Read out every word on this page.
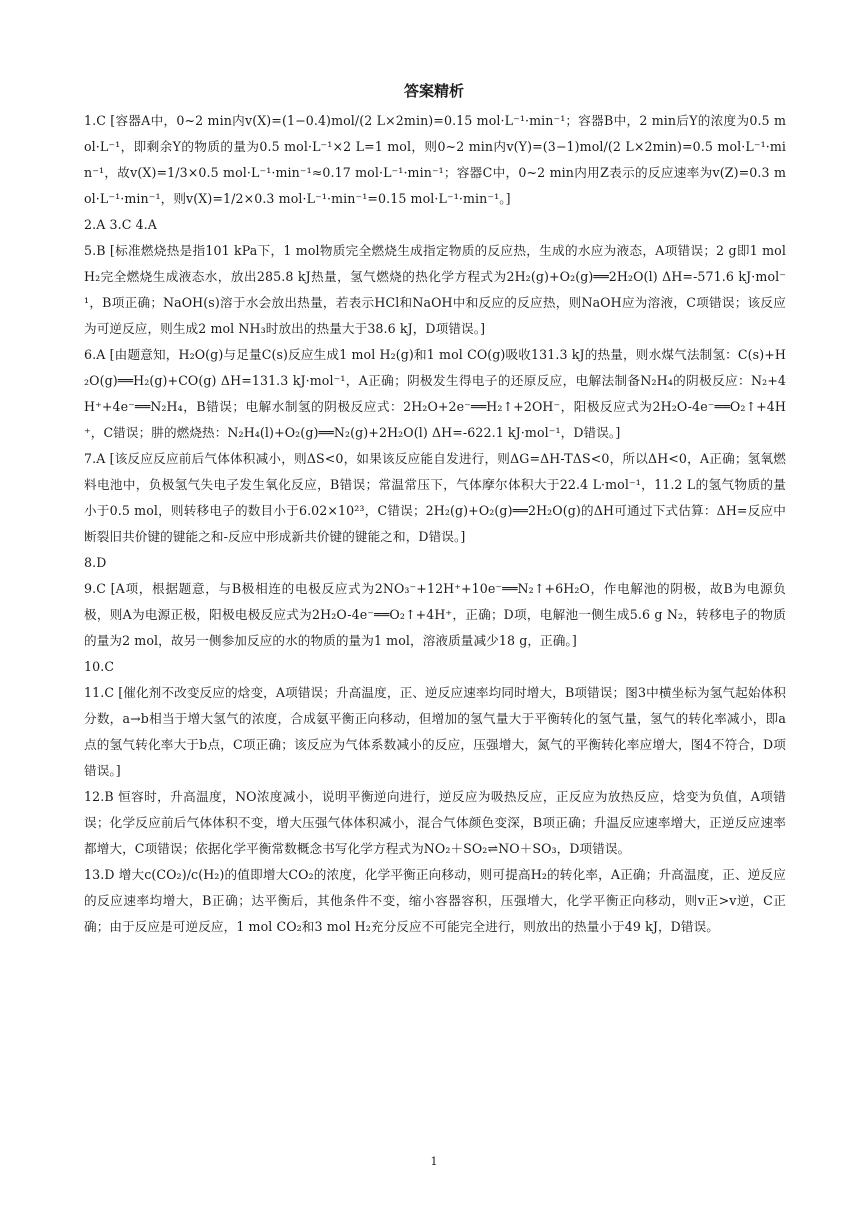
答案精析

1.C [容器A中，0~2 min内v(X)=(1−0.4)mol/(2 L×2min)=0.15 mol·L⁻¹·min⁻¹；容器B中，2 min后Y的浓度为0.5 mol·L⁻¹，即剩余Y的物质的量为0.5 mol·L⁻¹×2 L=1 mol，则0~2 min内v(Y)=(3−1)mol/(2 L×2min)=0.5 mol·L⁻¹·min⁻¹，故v(X)=1/3×0.5 mol·L⁻¹·min⁻¹≈0.17 mol·L⁻¹·min⁻¹；容器C中，0~2 min内用Z表示的反应速率为v(Z)=0.3 mol·L⁻¹·min⁻¹，则v(X)=1/2×0.3 mol·L⁻¹·min⁻¹=0.15 mol·L⁻¹·min⁻¹。]

2.A 3.C 4.A

5.B [标准燃烧热是指101 kPa下，1 mol物质完全燃烧生成指定物质的反应热，生成的水应为液态，A项错误；2 g即1 mol H₂完全燃烧生成液态水，放出285.8 kJ热量，氢气燃烧的热化学方程式为2H₂(g)+O₂(g)══2H₂O(l) ΔH=-571.6 kJ·mol⁻¹，B项正确；NaOH(s)溶于水会放出热量，若表示HCl和NaOH中和反应的反应热，则NaOH应为溶液，C项错误；该反应为可逆反应，则生成2 mol NH₃时放出的热量大于38.6 kJ，D项错误。]

6.A [由题意知，H₂O(g)与足量C(s)反应生成1 mol H₂(g)和1 mol CO(g)吸收131.3 kJ的热量，则水煤气法制氢：C(s)+H₂O(g)══H₂(g)+CO(g) ΔH=131.3 kJ·mol⁻¹，A正确；阴极发生得电子的还原反应，电解法制备N₂H₄的阴极反应：N₂+4H⁺+4e⁻══N₂H₄，B错误；电解水制氢的阴极反应式：2H₂O+2e⁻══H₂↑+2OH⁻，阳极反应式为2H₂O-4e⁻══O₂↑+4H⁺，C错误；肼的燃烧热：N₂H₄(l)+O₂(g)══N₂(g)+2H₂O(l) ΔH=-622.1 kJ·mol⁻¹，D错误。]

7.A [该反应反应前后气体体积减小，则ΔS<0，如果该反应能自发进行，则ΔG=ΔH-TΔS<0，所以ΔH<0，A正确；氢氧燃料电池中，负极氢气失电子发生氧化反应，B错误；常温常压下，气体摩尔体积大于22.4 L·mol⁻¹，11.2 L的氢气物质的量小于0.5 mol，则转移电子的数目小于6.02×10²³，C错误；2H₂(g)+O₂(g)══2H₂O(g)的ΔH可通过下式估算：ΔH=反应中断裂旧共价键的键能之和-反应中形成新共价键的键能之和，D错误。]

8.D

9.C [A项，根据题意，与B极相连的电极反应式为2NO₃⁻+12H⁺+10e⁻══N₂↑+6H₂O，作电解池的阴极，故B为电源负极，则A为电源正极，阳极电极反应式为2H₂O-4e⁻══O₂↑+4H⁺，正确；D项，电解池一侧生成5.6 g N₂，转移电子的物质的量为2 mol，故另一侧参加反应的水的物质的量为1 mol，溶液质量减少18 g，正确。]

10.C

11.C [催化剂不改变反应的焓变，A项错误；升高温度，正、逆反应速率均同时增大，B项错误；图3中横坐标为氢气起始体积分数，a→b相当于增大氢气的浓度，合成氨平衡正向移动，但增加的氢气量大于平衡转化的氢气量，氢气的转化率减小，即a点的氢气转化率大于b点，C项正确；该反应为气体系数减小的反应，压强增大，氮气的平衡转化率应增大，图4不符合，D项错误。]

12.B 恒容时，升高温度，NO浓度减小，说明平衡逆向进行，逆反应为吸热反应，正反应为放热反应，焓变为负值，A项错误；化学反应前后气体体积不变，增大压强气体体积减小，混合气体颜色变深，B项正确；升温反应速率增大，正逆反应速率都增大，C项错误；依据化学平衡常数概念书写化学方程式为NO₂＋SO₂⇌NO＋SO₃，D项错误。

13.D 增大c(CO₂)/c(H₂)的值即增大CO₂的浓度，化学平衡正向移动，则可提高H₂的转化率，A正确；升高温度，正、逆反应的反应速率均增大，B正确；达平衡后，其他条件不变，缩小容器容积，压强增大，化学平衡正向移动，则v正>v逆，C正确；由于反应是可逆反应，1 mol CO₂和3 mol H₂充分反应不可能完全进行，则放出的热量小于49 kJ，D错误。

1
